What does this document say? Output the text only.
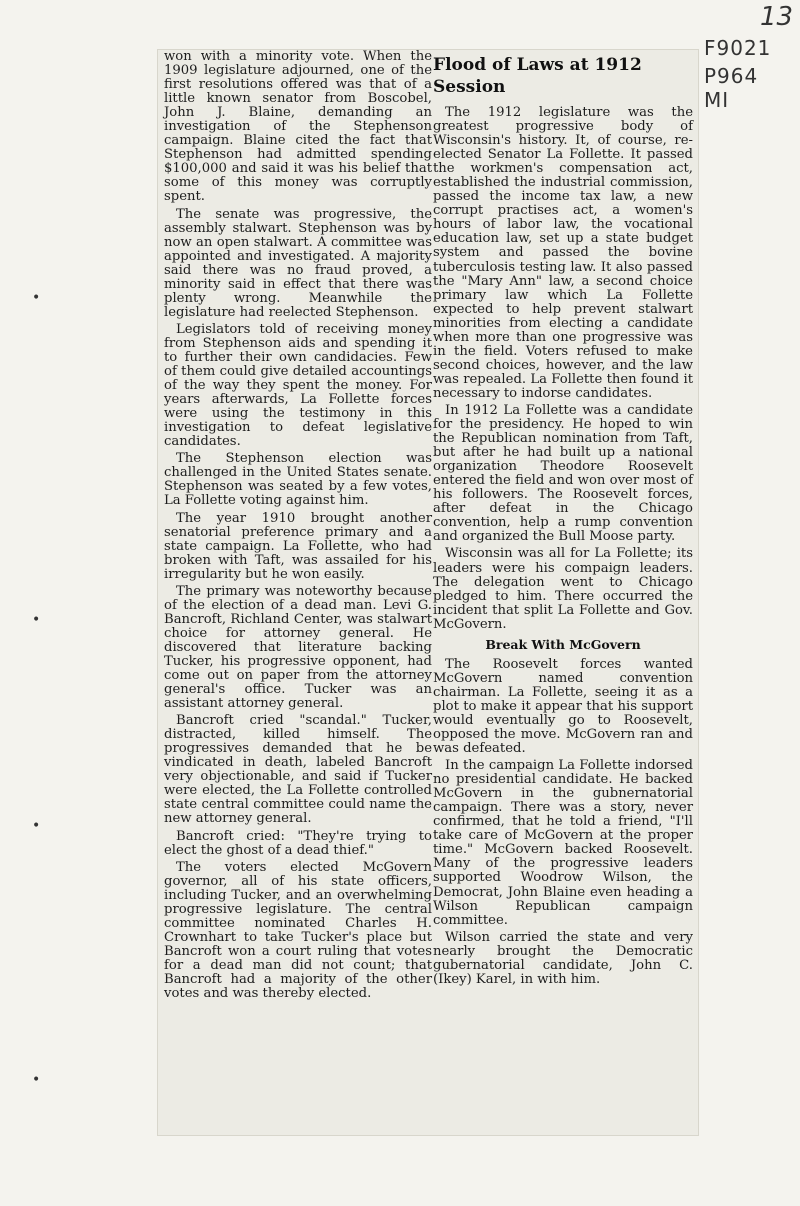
•
•
•
•
13
F9021
P964
MI

won with a minority vote. When the 1909 legislature adjourned, one of the first resolutions offered was that of a little known senator from Boscobel, John J. Blaine, demanding an investigation of the Stephenson campaign. Blaine cited the fact that Stephenson had admitted spending $100,000 and said it was his belief that some of this money was corruptly spent.

The senate was progressive, the assembly stalwart. Stephenson was by now an open stalwart. A committee was appointed and investigated. A majority said there was no fraud proved, a minority said in effect that there was plenty wrong. Meanwhile the legislature had reelected Stephenson.

Legislators told of receiving money from Stephenson aids and spending it to further their own candidacies. Few of them could give detailed accountings of the way they spent the money. For years afterwards, La Follette forces were using the testimony in this investigation to defeat legislative candidates.

The Stephenson election was challenged in the United States senate. Stephenson was seated by a few votes, La Follette voting against him.

The year 1910 brought another senatorial preference primary and a state campaign. La Follette, who had broken with Taft, was assailed for his irregularity but he won easily.

The primary was noteworthy because of the election of a dead man. Levi G. Bancroft, Richland Center, was stalwart choice for attorney general. He discovered that literature backing Tucker, his progressive opponent, had come out on paper from the attorney general's office. Tucker was an assistant attorney general.

Bancroft cried "scandal." Tucker, distracted, killed himself. The progressives demanded that he be vindicated in death, labeled Bancroft very objectionable, and said if Tucker were elected, the La Follette controlled state central committee could name the new attorney general.

Bancroft cried: "They're trying to elect the ghost of a dead thief."

The voters elected McGovern governor, all of his state officers, including Tucker, and an overwhelming progressive legislature. The central committee nominated Charles H. Crownhart to take Tucker's place but Bancroft won a court ruling that votes for a dead man did not count; that Bancroft had a majority of the other votes and was thereby elected.

Flood of Laws at 1912 Session

The 1912 legislature was the greatest progressive body of Wisconsin's history. It, of course, re-elected Senator La Follette. It passed the workmen's compensation act, established the industrial commission, passed the income tax law, a new corrupt practises act, a women's hours of labor law, the vocational education law, set up a state budget system and passed the bovine tuberculosis testing law. It also passed the "Mary Ann" law, a second choice primary law which La Follette expected to help prevent stalwart minorities from electing a candidate when more than one progressive was in the field. Voters refused to make second choices, however, and the law was repealed. La Follette then found it necessary to indorse candidates.

In 1912 La Follette was a candidate for the presidency. He hoped to win the Republican nomination from Taft, but after he had built up a national organization Theodore Roosevelt entered the field and won over most of his followers. The Roosevelt forces, after defeat in the Chicago convention, help a rump convention and organized the Bull Moose party.

Wisconsin was all for La Follette; its leaders were his compaign leaders. The delegation went to Chicago pledged to him. There occurred the incident that split La Follette and Gov. McGovern.

Break With McGovern

The Roosevelt forces wanted McGovern named convention chairman. La Follette, seeing it as a plot to make it appear that his support would eventually go to Roosevelt, opposed the move. McGovern ran and was defeated.

In the campaign La Follette indorsed no presidential candidate. He backed McGovern in the gubnernatorial campaign. There was a story, never confirmed, that he told a friend, "I'll take care of McGovern at the proper time." McGovern backed Roosevelt. Many of the progressive leaders supported Woodrow Wilson, the Democrat, John Blaine even heading a Wilson Republican campaign committee.

Wilson carried the state and very nearly brought the Democratic gubernatorial candidate, John C. (Ikey) Karel, in with him.
